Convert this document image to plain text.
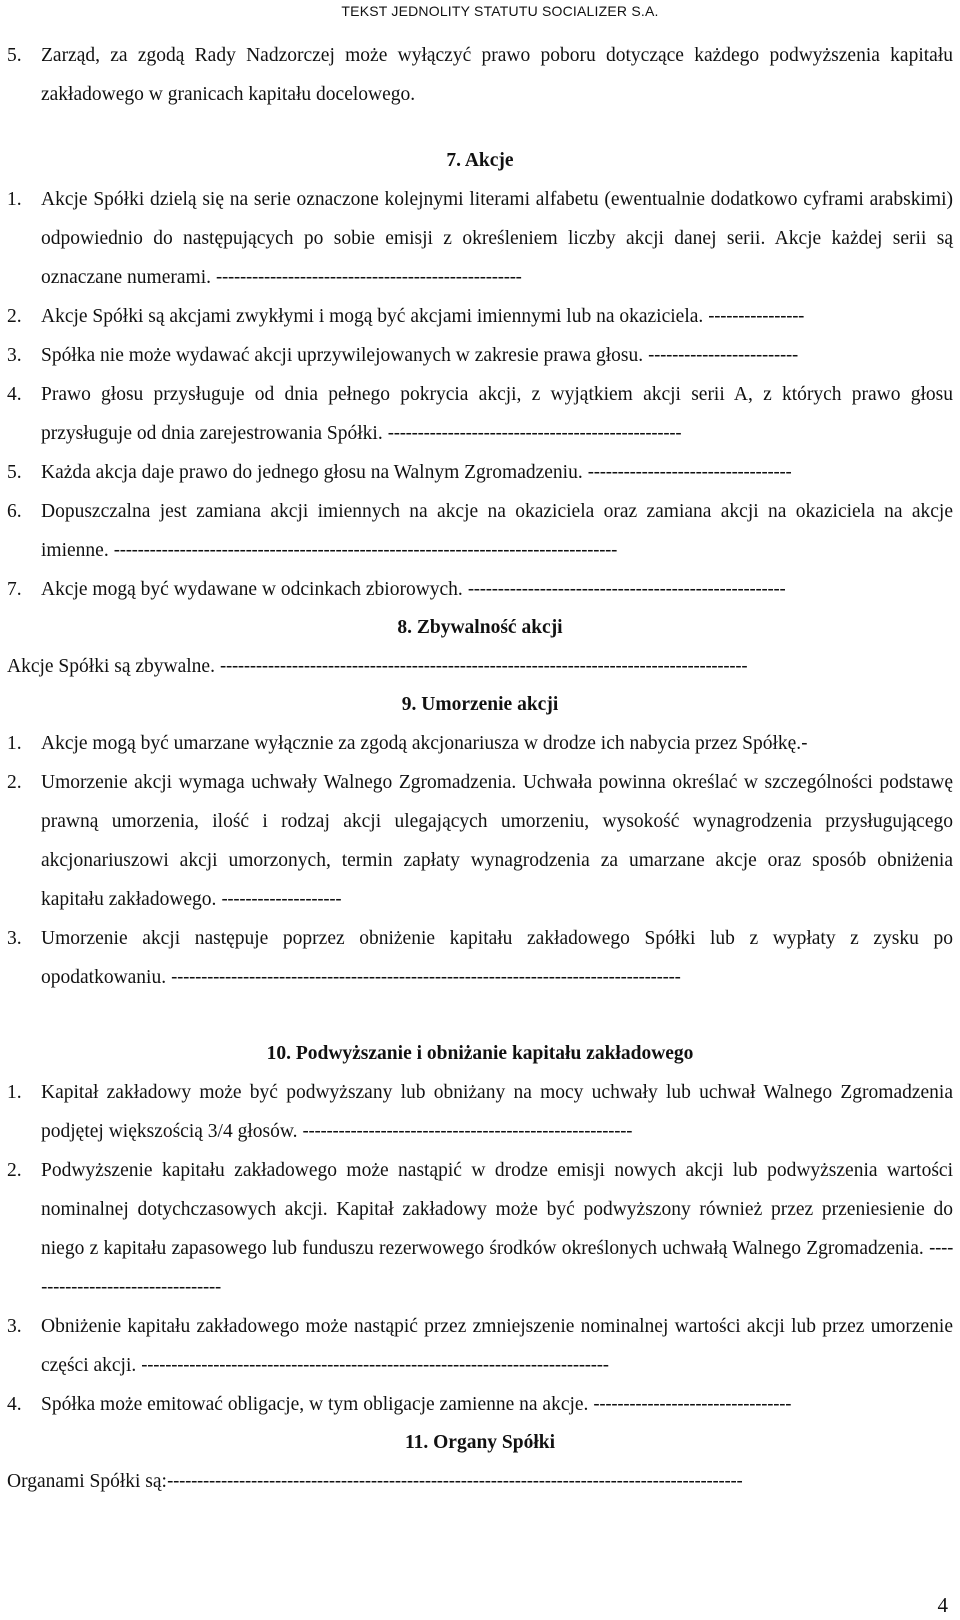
TEKST JEDNOLITY STATUTU SOCIALIZER S.A.
5. Zarząd, za zgodą Rady Nadzorczej może wyłączyć prawo poboru dotyczące każdego podwyższenia kapitału zakładowego w granicach kapitału docelowego.
7. Akcje
1. Akcje Spółki dzielą się na serie oznaczone kolejnymi literami alfabetu (ewentualnie dodatkowo cyframi arabskimi) odpowiednio do następujących po sobie emisji z określeniem liczby akcji danej serii. Akcje każdej serii są oznaczane numerami. ---------------------------------------------------
2. Akcje Spółki są akcjami zwykłymi i mogą być akcjami imiennymi lub na okaziciela. ----------------
3. Spółka nie może wydawać akcji uprzywilejowanych w zakresie prawa głosu. -------------------------
4. Prawo głosu przysługuje od dnia pełnego pokrycia akcji, z wyjątkiem akcji serii A, z których prawo głosu przysługuje od dnia zarejestrowania Spółki. -------------------------------------------------
5. Każda akcja daje prawo do jednego głosu na Walnym Zgromadzeniu. ----------------------------------
6. Dopuszczalna jest zamiana akcji imiennych na akcje na okaziciela oraz zamiana akcji na okaziciela na akcje imienne. ------------------------------------------------------------------------------------
7. Akcje mogą być wydawane w odcinkach zbiorowych. -----------------------------------------------------
8. Zbywalność akcji
Akcje Spółki są zbywalne. ----------------------------------------------------------------------------------------
9. Umorzenie akcji
1. Akcje mogą być umarzane wyłącznie za zgodą akcjonariusza w drodze ich nabycia przez Spółkę.-
2. Umorzenie akcji wymaga uchwały Walnego Zgromadzenia. Uchwała powinna określać w szczególności podstawę prawną umorzenia, ilość i rodzaj akcji ulegających umorzeniu, wysokość wynagrodzenia przysługującego akcjonariuszowi akcji umorzonych, termin zapłaty wynagrodzenia za umarzane akcje oraz sposób obniżenia kapitału zakładowego. --------------------
3. Umorzenie akcji następuje poprzez obniżenie kapitału zakładowego Spółki lub z wypłaty z zysku po opodatkowaniu. -------------------------------------------------------------------------------------
10. Podwyższanie i obniżanie kapitału zakładowego
1. Kapitał zakładowy może być podwyższany lub obniżany na mocy uchwały lub uchwał Walnego Zgromadzenia podjętej większością 3/4 głosów. -------------------------------------------------------
2. Podwyższenie kapitału zakładowego może nastąpić w drodze emisji nowych akcji lub podwyższenia wartości nominalnej dotychczasowych akcji. Kapitał zakładowy może być podwyższony również przez przeniesienie do niego z kapitału zapasowego lub funduszu rezerwowego środków określonych uchwałą Walnego Zgromadzenia. ----------------------------------
3. Obniżenie kapitału zakładowego może nastąpić przez zmniejszenie nominalnej wartości akcji lub przez umorzenie części akcji. ------------------------------------------------------------------------------
4. Spółka może emitować obligacje, w tym obligacje zamienne na akcje. ---------------------------------
11. Organy Spółki
Organami Spółki są:------------------------------------------------------------------------------------------------
4
